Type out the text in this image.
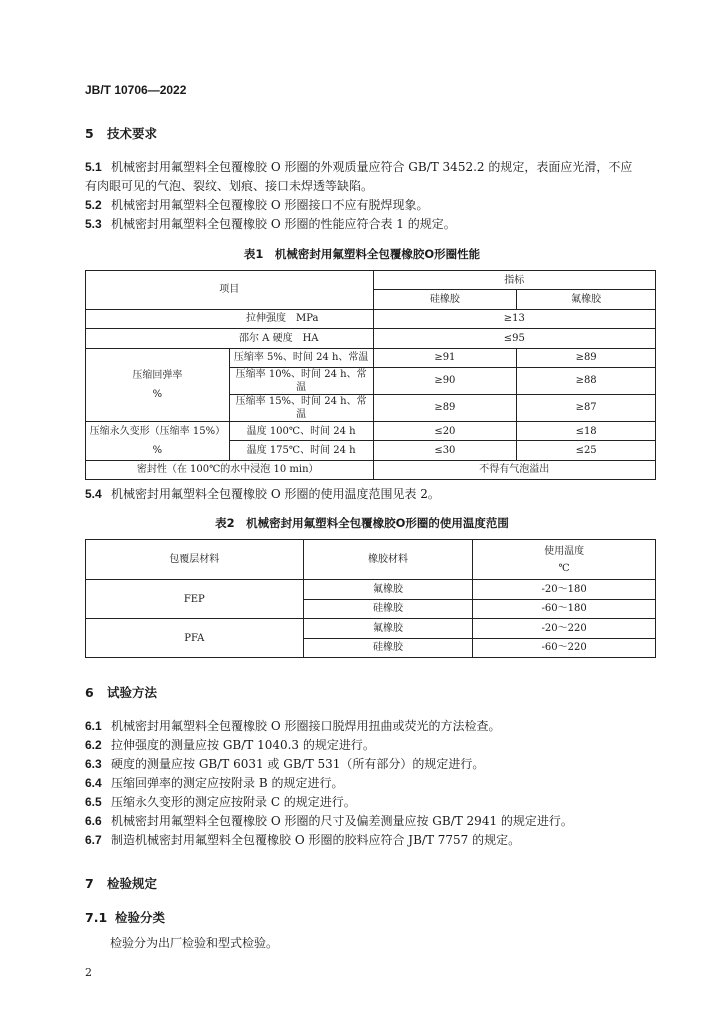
JB/T 10706—2022
5 技术要求
5.1 机械密封用氟塑料全包覆橡胶 O 形圈的外观质量应符合 GB/T 3452.2 的规定，表面应光滑，不应
有肉眼可见的气泡、裂纹、划痕、接口未焊透等缺陷。
5.2 机械密封用氟塑料全包覆橡胶 O 形圈接口不应有脱焊现象。
5.3 机械密封用氟塑料全包覆橡胶 O 形圈的性能应符合表 1 的规定。
表1　机械密封用氟塑料全包覆橡胶O形圈性能
项目		指标	
		硅橡胶	氟橡胶
拉伸强度　MPa		≥13	
邵尔 A 硬度　HA		≤95	

压缩回弹率
%	压缩率 5%、时间 24 h、常温	≥91	≥89
	压缩率 10%、时间 24 h、常温	≥90	≥88
	压缩率 15%、时间 24 h、常温	≥89	≥87

压缩永久变形（压缩率 15%）
%	温度 100℃、时间 24 h	≤20	≤18
	温度 175℃、时间 24 h	≤30	≤25
密封性（在 100℃的水中浸泡 10 min）		不得有气泡溢出	
5.4 机械密封用氟塑料全包覆橡胶 O 形圈的使用温度范围见表 2。
表2　机械密封用氟塑料全包覆橡胶O形圈的使用温度范围
包覆层材料	橡胶材料	使用温度
℃

FEP	氟橡胶	-20～180
	硅橡胶	-60～180
PFA	氟橡胶	-20～220
	硅橡胶	-60～220
6 试验方法
6.1 机械密封用氟塑料全包覆橡胶 O 形圈接口脱焊用扭曲或荧光的方法检查。
6.2 拉伸强度的测量应按 GB/T 1040.3 的规定进行。
6.3 硬度的测量应按 GB/T 6031 或 GB/T 531（所有部分）的规定进行。
6.4 压缩回弹率的测定应按附录 B 的规定进行。
6.5 压缩永久变形的测定应按附录 C 的规定进行。
6.6 机械密封用氟塑料全包覆橡胶 O 形圈的尺寸及偏差测量应按 GB/T 2941 的规定进行。
6.7 制造机械密封用氟塑料全包覆橡胶 O 形圈的胶料应符合 JB/T 7757 的规定。
7 检验规定
7.1 检验分类
检验分为出厂检验和型式检验。
2
